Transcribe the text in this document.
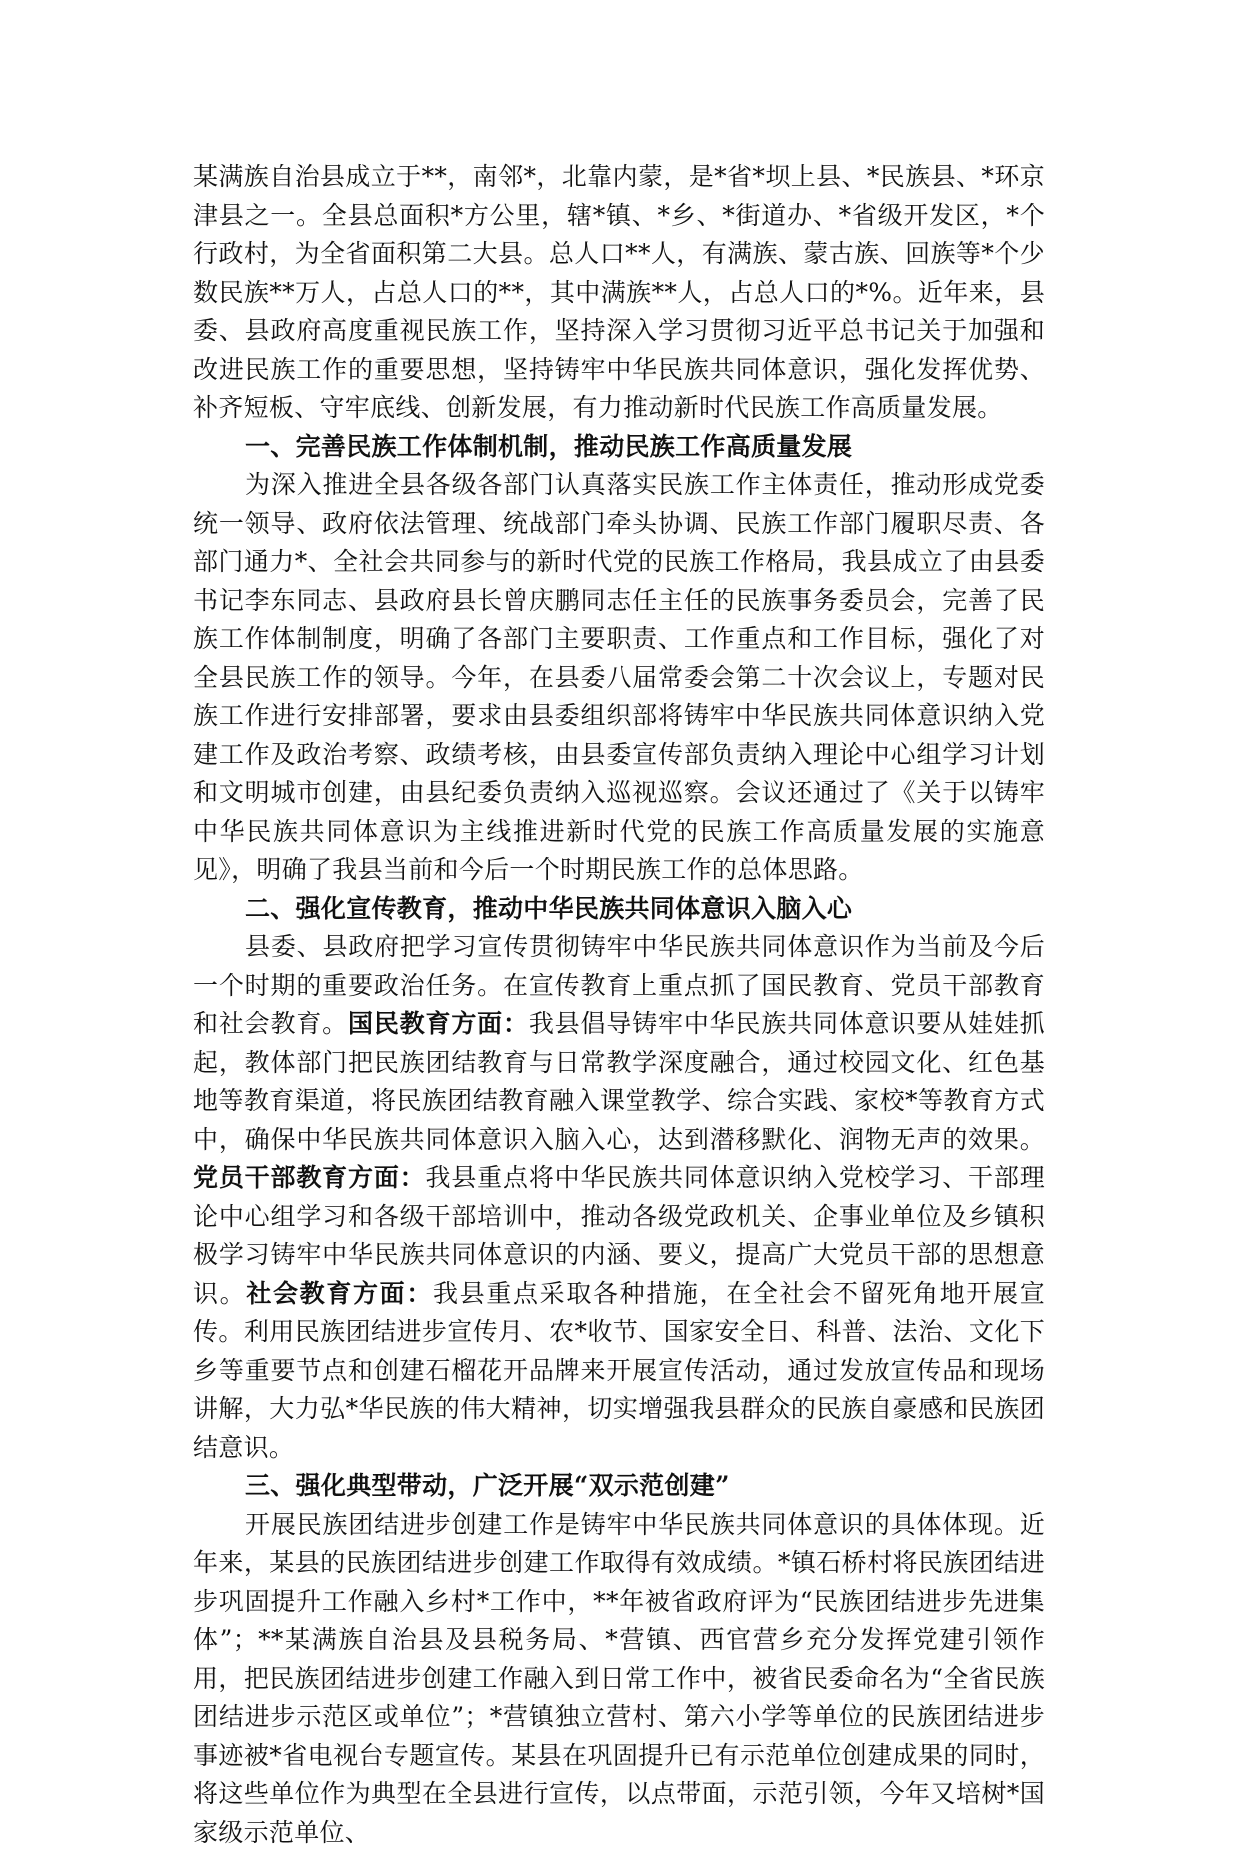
某满族自治县成立于**，南邻*，北靠内蒙，是*省*坝上县、*民族县、*环京津县之一。全县总面积*方公里，辖*镇、*乡、*街道办、*省级开发区，*个行政村，为全省面积第二大县。总人口**人，有满族、蒙古族、回族等*个少数民族**万人，占总人口的**，其中满族**人，占总人口的*%。近年来，县委、县政府高度重视民族工作，坚持深入学习贯彻习近平总书记关于加强和改进民族工作的重要思想，坚持铸牢中华民族共同体意识，强化发挥优势、补齐短板、守牢底线、创新发展，有力推动新时代民族工作高质量发展。

一、完善民族工作体制机制，推动民族工作高质量发展

为深入推进全县各级各部门认真落实民族工作主体责任，推动形成党委统一领导、政府依法管理、统战部门牵头协调、民族工作部门履职尽责、各部门通力*、全社会共同参与的新时代党的民族工作格局，我县成立了由县委书记李东同志、县政府县长曾庆鹏同志任主任的民族事务委员会，完善了民族工作体制制度，明确了各部门主要职责、工作重点和工作目标，强化了对全县民族工作的领导。今年，在县委八届常委会第二十次会议上，专题对民族工作进行安排部署，要求由县委组织部将铸牢中华民族共同体意识纳入党建工作及政治考察、政绩考核，由县委宣传部负责纳入理论中心组学习计划和文明城市创建，由县纪委负责纳入巡视巡察。会议还通过了《关于以铸牢中华民族共同体意识为主线推进新时代党的民族工作高质量发展的实施意见》，明确了我县当前和今后一个时期民族工作的总体思路。

二、强化宣传教育，推动中华民族共同体意识入脑入心

县委、县政府把学习宣传贯彻铸牢中华民族共同体意识作为当前及今后一个时期的重要政治任务。在宣传教育上重点抓了国民教育、党员干部教育和社会教育。国民教育方面：我县倡导铸牢中华民族共同体意识要从娃娃抓起，教体部门把民族团结教育与日常教学深度融合，通过校园文化、红色基地等教育渠道，将民族团结教育融入课堂教学、综合实践、家校*等教育方式中，确保中华民族共同体意识入脑入心，达到潜移默化、润物无声的效果。党员干部教育方面：我县重点将中华民族共同体意识纳入党校学习、干部理论中心组学习和各级干部培训中，推动各级党政机关、企事业单位及乡镇积极学习铸牢中华民族共同体意识的内涵、要义，提高广大党员干部的思想意识。社会教育方面：我县重点采取各种措施，在全社会不留死角地开展宣传。利用民族团结进步宣传月、农*收节、国家安全日、科普、法治、文化下乡等重要节点和创建石榴花开品牌来开展宣传活动，通过发放宣传品和现场讲解，大力弘*华民族的伟大精神，切实增强我县群众的民族自豪感和民族团结意识。

三、强化典型带动，广泛开展“双示范创建”

开展民族团结进步创建工作是铸牢中华民族共同体意识的具体体现。近年来，某县的民族团结进步创建工作取得有效成绩。*镇石桥村将民族团结进步巩固提升工作融入乡村*工作中，**年被省政府评为“民族团结进步先进集体”；**某满族自治县及县税务局、*营镇、西官营乡充分发挥党建引领作用，把民族团结进步创建工作融入到日常工作中，被省民委命名为“全省民族团结进步示范区或单位”；*营镇独立营村、第六小学等单位的民族团结进步事迹被*省电视台专题宣传。某县在巩固提升已有示范单位创建成果的同时，将这些单位作为典型在全县进行宣传，以点带面，示范引领，今年又培树*国家级示范单位、
